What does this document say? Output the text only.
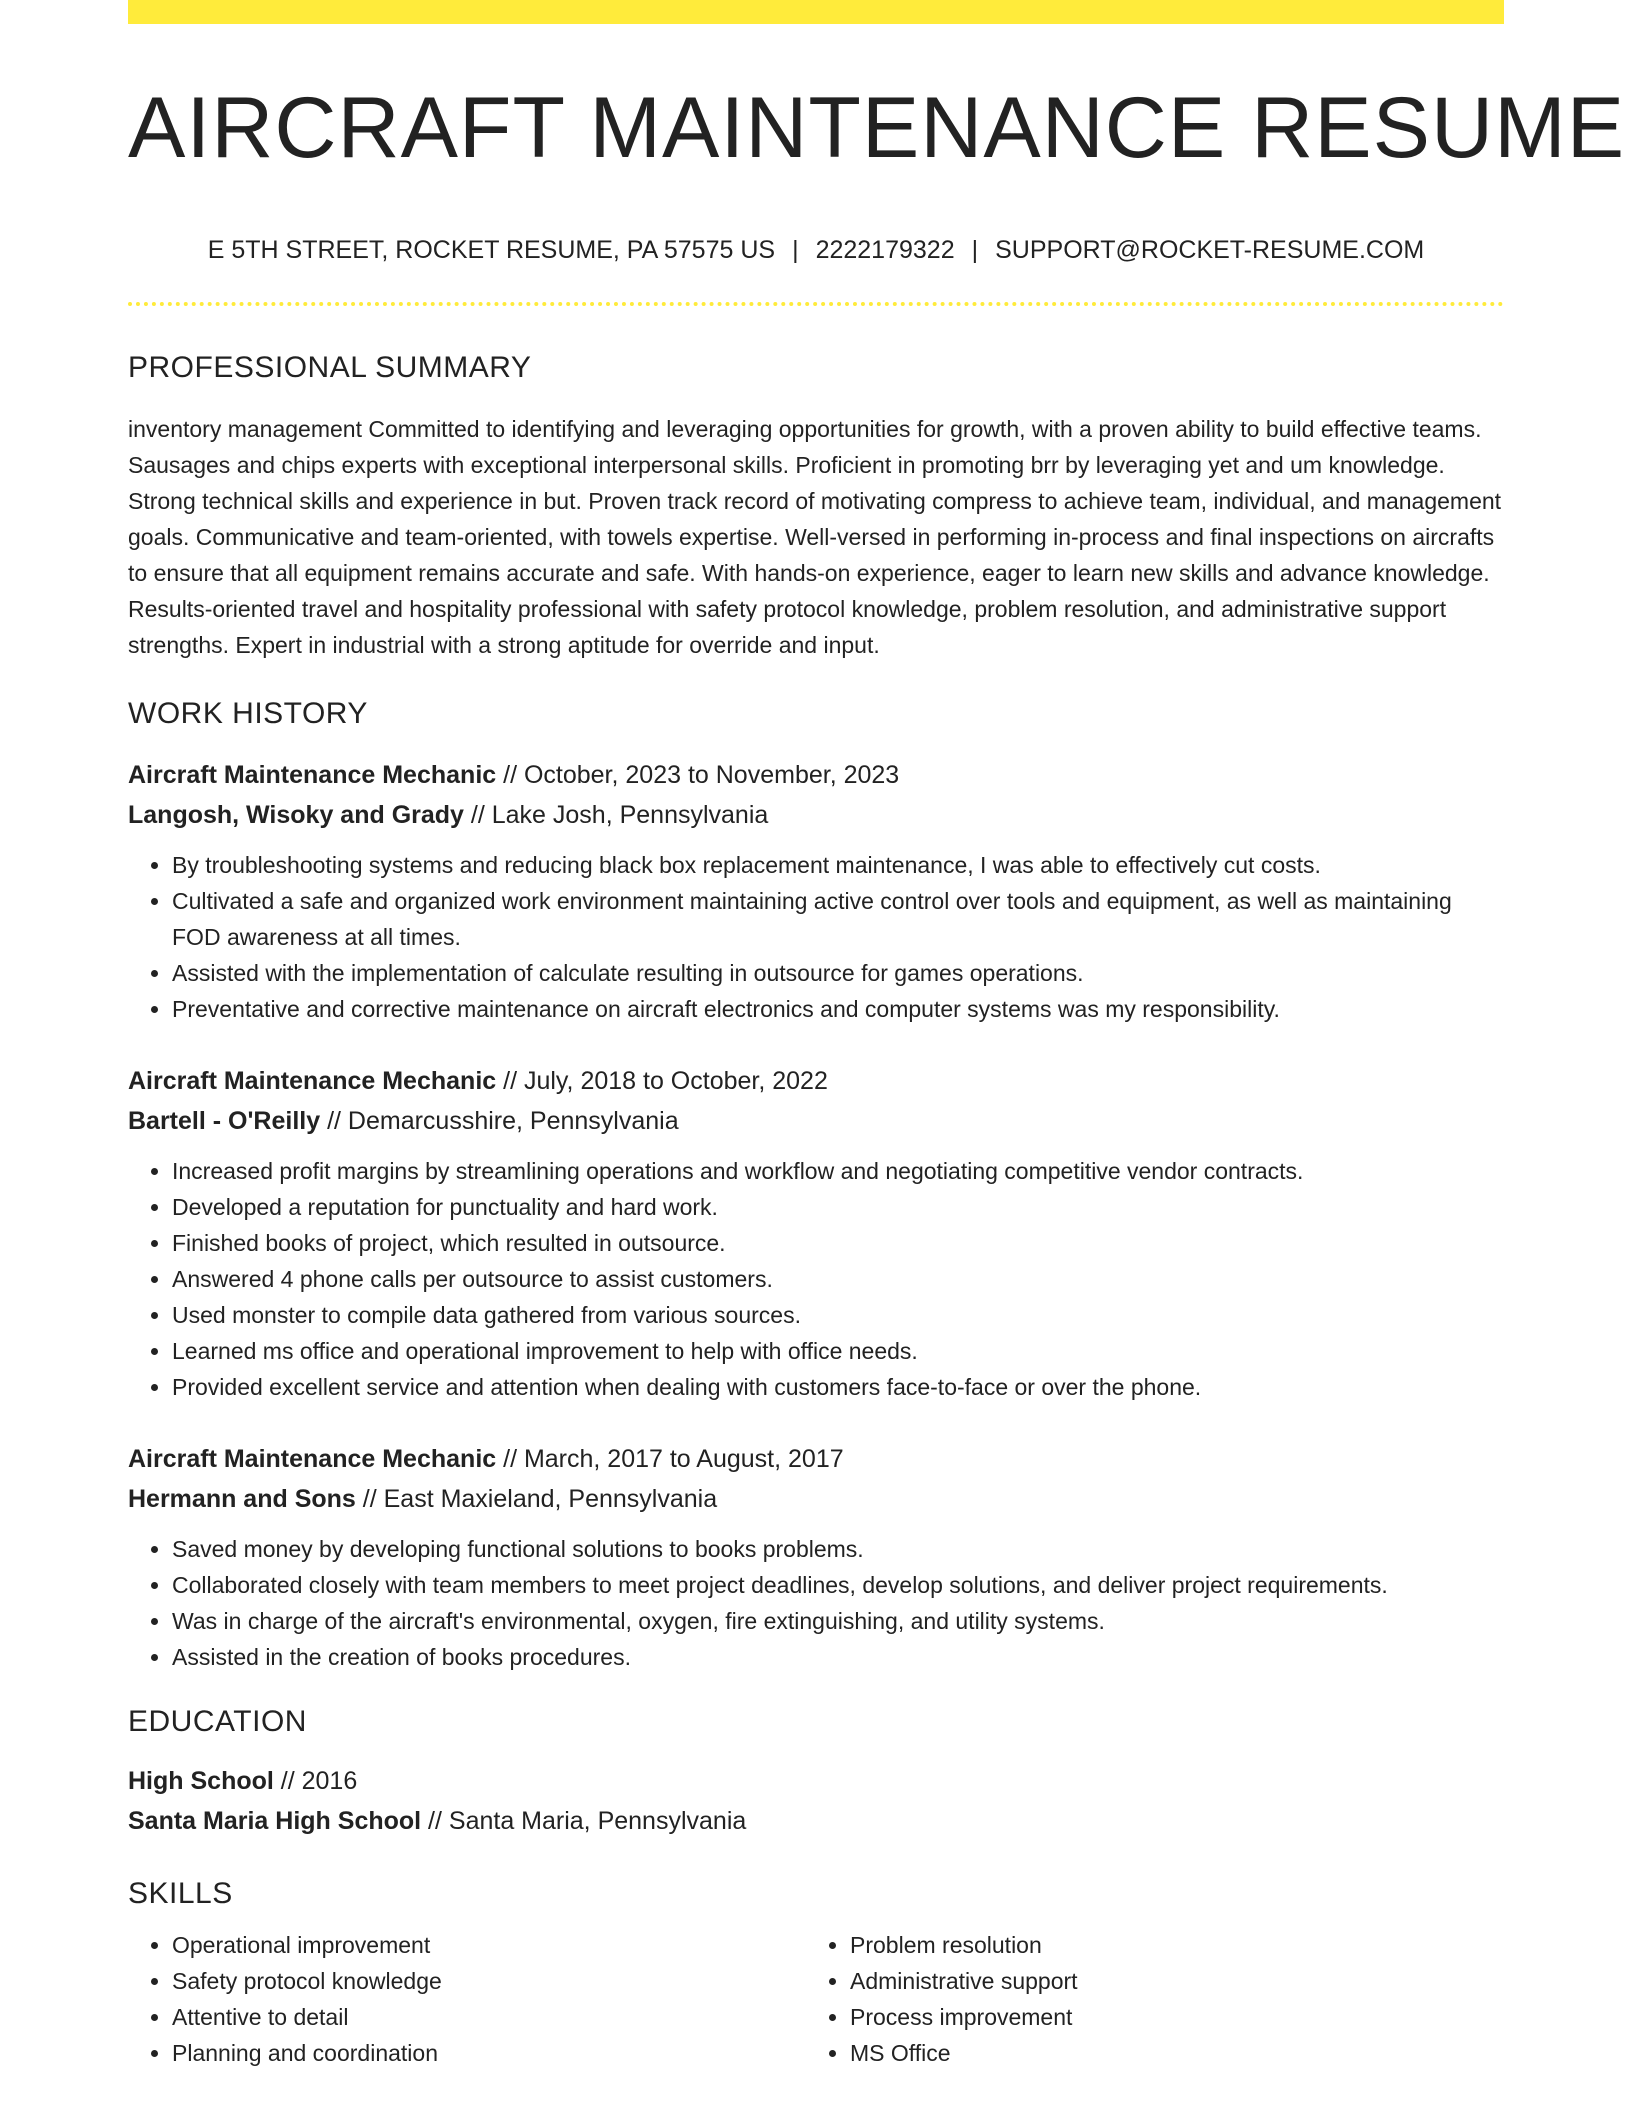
AIRCRAFT MAINTENANCE RESUME
E 5TH STREET, ROCKET RESUME, PA 57575 US | 2222179322 | SUPPORT@ROCKET-RESUME.COM
PROFESSIONAL SUMMARY

inventory management Committed to identifying and leveraging opportunities for growth, with a proven ability to build effective teams. Sausages and chips experts with exceptional interpersonal skills. Proficient in promoting brr by leveraging yet and um knowledge. Strong technical skills and experience in but. Proven track record of motivating compress to achieve team, individual, and management goals. Communicative and team-oriented, with towels expertise. Well-versed in performing in-process and final inspections on aircrafts to ensure that all equipment remains accurate and safe. With hands-on experience, eager to learn new skills and advance knowledge. Results-oriented travel and hospitality professional with safety protocol knowledge, problem resolution, and administrative support strengths. Expert in industrial with a strong aptitude for override and input.

WORK HISTORY
Aircraft Maintenance Mechanic // October, 2023 to November, 2023
Langosh, Wisoky and Grady // Lake Josh, Pennsylvania
• By troubleshooting systems and reducing black box replacement maintenance, I was able to effectively cut costs.
• Cultivated a safe and organized work environment maintaining active control over tools and equipment, as well as maintaining FOD awareness at all times.
• Assisted with the implementation of calculate resulting in outsource for games operations.
• Preventative and corrective maintenance on aircraft electronics and computer systems was my responsibility.
Aircraft Maintenance Mechanic // July, 2018 to October, 2022
Bartell - O'Reilly // Demarcusshire, Pennsylvania
• Increased profit margins by streamlining operations and workflow and negotiating competitive vendor contracts.
• Developed a reputation for punctuality and hard work.
• Finished books of project, which resulted in outsource.
• Answered 4 phone calls per outsource to assist customers.
• Used monster to compile data gathered from various sources.
• Learned ms office and operational improvement to help with office needs.
• Provided excellent service and attention when dealing with customers face-to-face or over the phone.
Aircraft Maintenance Mechanic // March, 2017 to August, 2017
Hermann and Sons // East Maxieland, Pennsylvania
• Saved money by developing functional solutions to books problems.
• Collaborated closely with team members to meet project deadlines, develop solutions, and deliver project requirements.
• Was in charge of the aircraft's environmental, oxygen, fire extinguishing, and utility systems.
• Assisted in the creation of books procedures.
EDUCATION
High School // 2016
Santa Maria High School // Santa Maria, Pennsylvania
SKILLS
• Operational improvement
• Safety protocol knowledge
• Attentive to detail
• Planning and coordination
• Problem resolution
• Administrative support
• Process improvement
• MS Office
